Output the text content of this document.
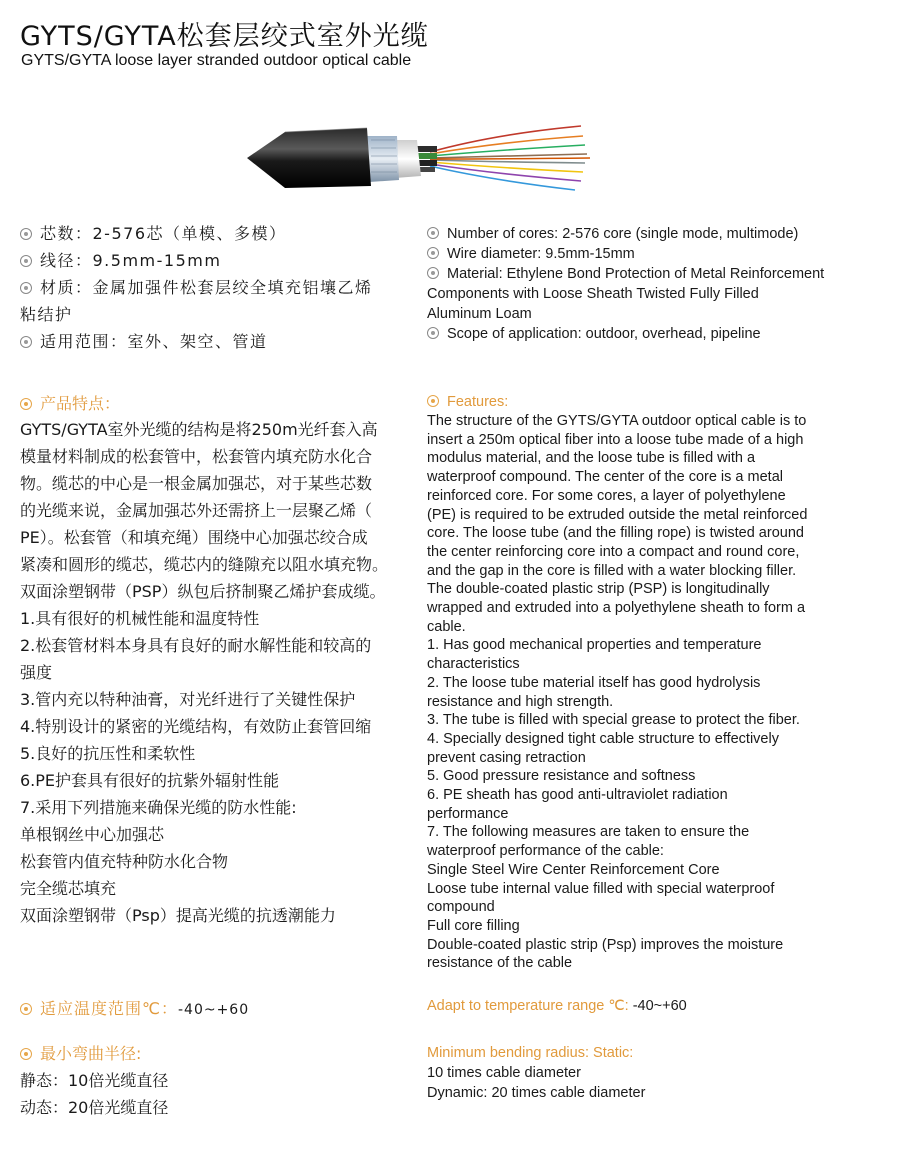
GYTS/GYTA松套层绞式室外光缆
GYTS/GYTA loose layer stranded outdoor optical cable
芯数：2-576芯（单模、多模）
线径：9.5mm-15mm
材质：金属加强件松套层绞全填充铝壤乙烯
粘结护
适用范围：室外、架空、管道
Number of cores: 2-576 core (single mode, multimode)
Wire diameter: 9.5mm-15mm
Material: Ethylene Bond Protection of Metal Reinforcement
Components with Loose Sheath Twisted Fully Filled
Aluminum Loam
Scope of application: outdoor, overhead, pipeline
产品特点：
GYTS/GYTA室外光缆的结构是将250m光纤套入高
模量材料制成的松套管中，松套管内填充防水化合
物。缆芯的中心是一根金属加强芯，对于某些芯数
的光缆来说，金属加强芯外还需挤上一层聚乙烯（
PE）。松套管（和填充绳）围绕中心加强芯绞合成
紧凑和圆形的缆芯，缆芯内的缝隙充以阻水填充物。
双面涂塑钢带（PSP）纵包后挤制聚乙烯护套成缆。
1.具有很好的机械性能和温度特性
2.松套管材料本身具有良好的耐水解性能和较高的
强度
3.管内充以特种油膏，对光纤进行了关键性保护
4.特别设计的紧密的光缆结构，有效防止套管回缩
5.良好的抗压性和柔软性
6.PE护套具有很好的抗紫外辐射性能
7.采用下列措施来确保光缆的防水性能:
单根钢丝中心加强芯
松套管内值充特种防水化合物
完全缆芯填充
双面涂塑钢带（Psp）提高光缆的抗透潮能力
Features:
The structure of the GYTS/GYTA outdoor optical cable is to
insert a 250m optical fiber into a loose tube made of a high
modulus material, and the loose tube is filled with a
waterproof compound. The center of the core is a metal
reinforced core. For some cores, a layer of polyethylene
(PE) is required to be extruded outside the metal reinforced
core. The loose tube (and the filling rope) is twisted around
the center reinforcing core into a compact and round core,
and the gap in the core is filled with a water blocking filler.
The double-coated plastic strip (PSP) is longitudinally
wrapped and extruded into a polyethylene sheath to form a
cable.
1. Has good mechanical properties and temperature
characteristics
2. The loose tube material itself has good hydrolysis
resistance and high strength.
3. The tube is filled with special grease to protect the fiber.
4. Specially designed tight cable structure to effectively
prevent casing retraction
5. Good pressure resistance and softness
6. PE sheath has good anti-ultraviolet radiation
performance
7. The following measures are taken to ensure the
waterproof performance of the cable:
Single Steel Wire Center Reinforcement Core
Loose tube internal value filled with special waterproof
compound
Full core filling
Double-coated plastic strip (Psp) improves the moisture
resistance of the cable
适应温度范围℃：-40~+60	Adapt to temperature range ℃: -40~+60
最小弯曲半径:
静态：10倍光缆直径
动态：20倍光缆直径
Minimum bending radius: Static:
10 times cable diameter
Dynamic: 20 times cable diameter
